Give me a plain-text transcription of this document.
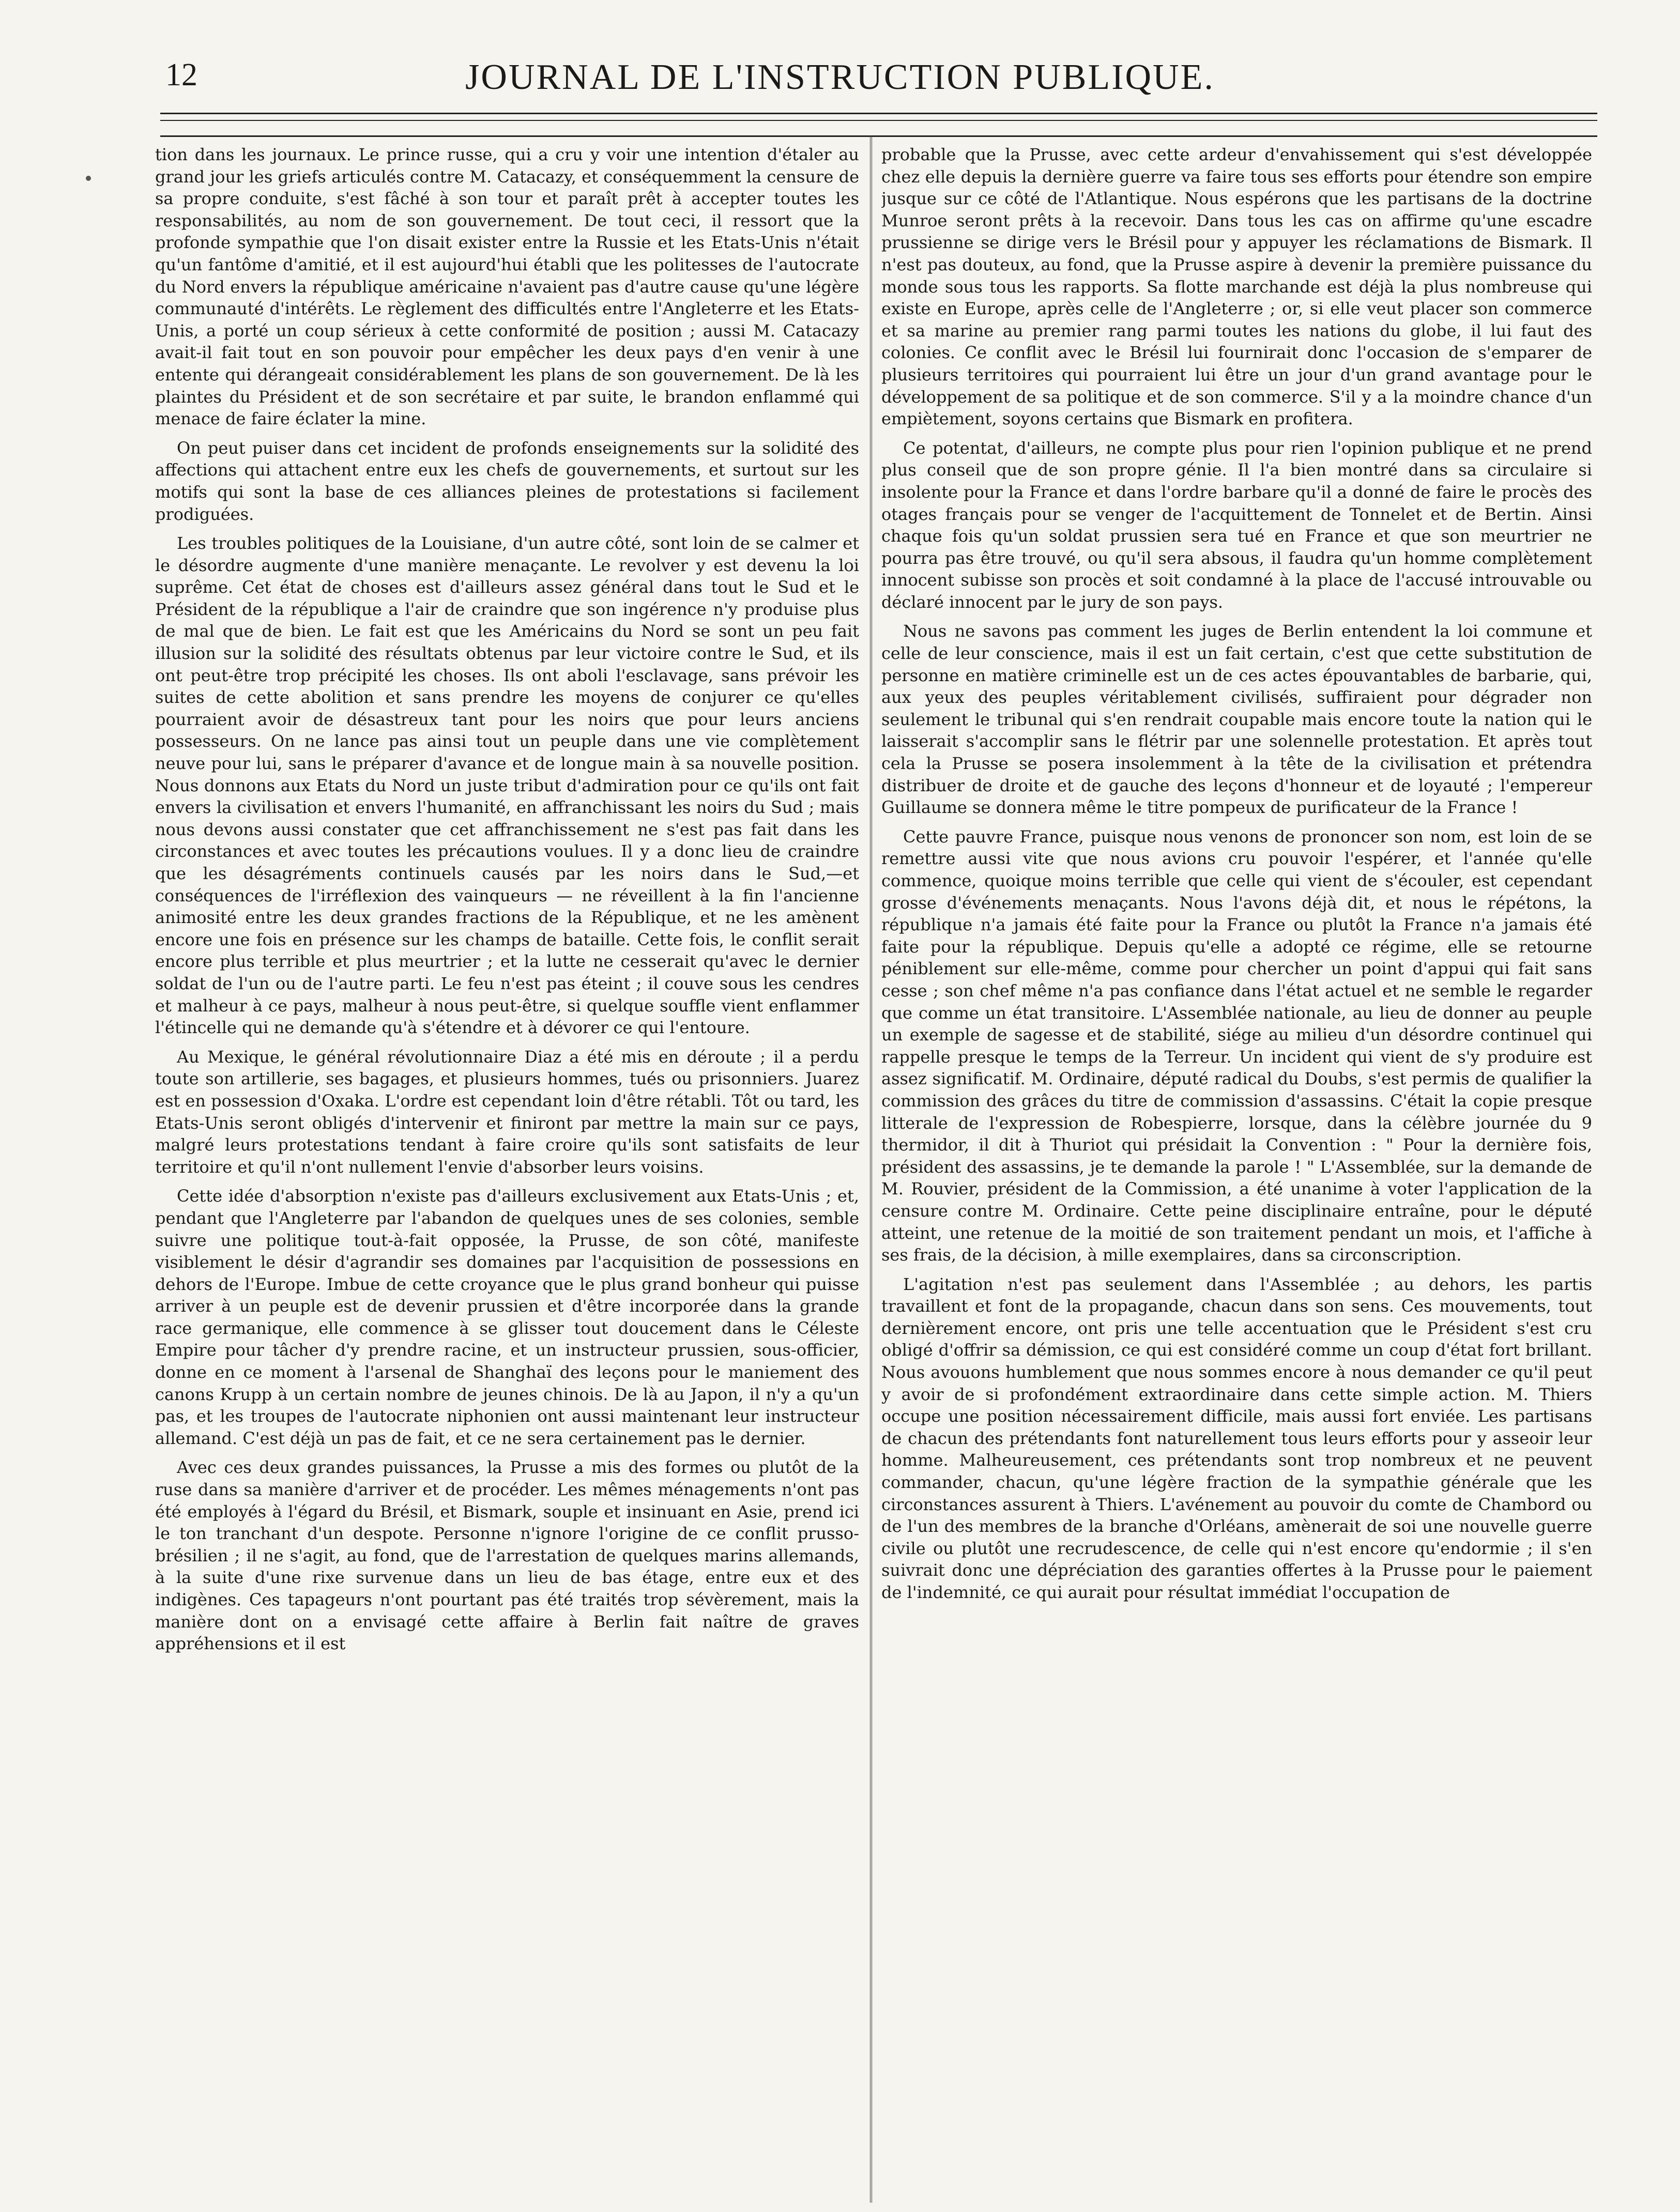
12	JOURNAL DE L'INSTRUCTION PUBLIQUE.

tion dans les journaux. Le prince russe, qui a cru y voir une intention d'étaler au grand jour les griefs articulés contre M. Catacazy, et conséquemment la censure de sa propre conduite, s'est fâché à son tour et paraît prêt à accepter toutes les responsabilités, au nom de son gouvernement. De tout ceci, il ressort que la profonde sympathie que l'on disait exister entre la Russie et les Etats-Unis n'était qu'un fantôme d'amitié, et il est aujourd'hui établi que les politesses de l'autocrate du Nord envers la république américaine n'avaient pas d'autre cause qu'une légère communauté d'intérêts. Le règlement des difficultés entre l'Angleterre et les Etats-Unis, a porté un coup sérieux à cette conformité de position ; aussi M. Catacazy avait-il fait tout en son pouvoir pour empêcher les deux pays d'en venir à une entente qui dérangeait considérablement les plans de son gouvernement. De là les plaintes du Président et de son secrétaire et par suite, le brandon enflammé qui menace de faire éclater la mine.

On peut puiser dans cet incident de profonds enseignements sur la solidité des affections qui attachent entre eux les chefs de gouvernements, et surtout sur les motifs qui sont la base de ces alliances pleines de protestations si facilement prodiguées.

Les troubles politiques de la Louisiane, d'un autre côté, sont loin de se calmer et le désordre augmente d'une manière menaçante. Le revolver y est devenu la loi suprême. Cet état de choses est d'ailleurs assez général dans tout le Sud et le Président de la république a l'air de craindre que son ingérence n'y produise plus de mal que de bien. Le fait est que les Américains du Nord se sont un peu fait illusion sur la solidité des résultats obtenus par leur victoire contre le Sud, et ils ont peut-être trop précipité les choses. Ils ont aboli l'esclavage, sans prévoir les suites de cette abolition et sans prendre les moyens de conjurer ce qu'elles pourraient avoir de désastreux tant pour les noirs que pour leurs anciens possesseurs. On ne lance pas ainsi tout un peuple dans une vie complètement neuve pour lui, sans le préparer d'avance et de longue main à sa nouvelle position. Nous donnons aux Etats du Nord un juste tribut d'admiration pour ce qu'ils ont fait envers la civilisation et envers l'humanité, en affranchissant les noirs du Sud ; mais nous devons aussi constater que cet affranchissement ne s'est pas fait dans les circonstances et avec toutes les précautions voulues. Il y a donc lieu de craindre que les désagréments continuels causés par les noirs dans le Sud,—et conséquences de l'irréflexion des vainqueurs — ne réveillent à la fin l'ancienne animosité entre les deux grandes fractions de la République, et ne les amènent encore une fois en présence sur les champs de bataille. Cette fois, le conflit serait encore plus terrible et plus meurtrier ; et la lutte ne cesserait qu'avec le dernier soldat de l'un ou de l'autre parti. Le feu n'est pas éteint ; il couve sous les cendres et malheur à ce pays, malheur à nous peut-être, si quelque souffle vient enflammer l'étincelle qui ne demande qu'à s'étendre et à dévorer ce qui l'entoure.

Au Mexique, le général révolutionnaire Diaz a été mis en déroute ; il a perdu toute son artillerie, ses bagages, et plusieurs hommes, tués ou prisonniers. Juarez est en possession d'Oxaka. L'ordre est cependant loin d'être rétabli. Tôt ou tard, les Etats-Unis seront obligés d'intervenir et finiront par mettre la main sur ce pays, malgré leurs protestations tendant à faire croire qu'ils sont satisfaits de leur territoire et qu'il n'ont nullement l'envie d'absorber leurs voisins.

Cette idée d'absorption n'existe pas d'ailleurs exclusivement aux Etats-Unis ; et, pendant que l'Angleterre par l'abandon de quelques unes de ses colonies, semble suivre une politique tout-à-fait opposée, la Prusse, de son côté, manifeste visiblement le désir d'agrandir ses domaines par l'acquisition de possessions en dehors de l'Europe. Imbue de cette croyance que le plus grand bonheur qui puisse arriver à un peuple est de devenir prussien et d'être incorporée dans la grande race germanique, elle commence à se glisser tout doucement dans le Céleste Empire pour tâcher d'y prendre racine, et un instructeur prussien, sous-officier, donne en ce moment à l'arsenal de Shanghaï des leçons pour le maniement des canons Krupp à un certain nombre de jeunes chinois. De là au Japon, il n'y a qu'un pas, et les troupes de l'autocrate niphonien ont aussi maintenant leur instructeur allemand. C'est déjà un pas de fait, et ce ne sera certainement pas le dernier.

Avec ces deux grandes puissances, la Prusse a mis des formes ou plutôt de la ruse dans sa manière d'arriver et de procéder. Les mêmes ménagements n'ont pas été employés à l'égard du Brésil, et Bismark, souple et insinuant en Asie, prend ici le ton tranchant d'un despote. Personne n'ignore l'origine de ce conflit prusso-brésilien ; il ne s'agit, au fond, que de l'arrestation de quelques marins allemands, à la suite d'une rixe survenue dans un lieu de bas étage, entre eux et des indigènes. Ces tapageurs n'ont pourtant pas été traités trop sévèrement, mais la manière dont on a envisagé cette affaire à Berlin fait naître de graves appréhensions et il est

probable que la Prusse, avec cette ardeur d'envahissement qui s'est développée chez elle depuis la dernière guerre va faire tous ses efforts pour étendre son empire jusque sur ce côté de l'Atlantique. Nous espérons que les partisans de la doctrine Munroe seront prêts à la recevoir. Dans tous les cas on affirme qu'une escadre prussienne se dirige vers le Brésil pour y appuyer les réclamations de Bismark. Il n'est pas douteux, au fond, que la Prusse aspire à devenir la première puissance du monde sous tous les rapports. Sa flotte marchande est déjà la plus nombreuse qui existe en Europe, après celle de l'Angleterre ; or, si elle veut placer son commerce et sa marine au premier rang parmi toutes les nations du globe, il lui faut des colonies. Ce conflit avec le Brésil lui fournirait donc l'occasion de s'emparer de plusieurs territoires qui pourraient lui être un jour d'un grand avantage pour le développement de sa politique et de son commerce. S'il y a la moindre chance d'un empiètement, soyons certains que Bismark en profitera.

Ce potentat, d'ailleurs, ne compte plus pour rien l'opinion publique et ne prend plus conseil que de son propre génie. Il l'a bien montré dans sa circulaire si insolente pour la France et dans l'ordre barbare qu'il a donné de faire le procès des otages français pour se venger de l'acquittement de Tonnelet et de Bertin. Ainsi chaque fois qu'un soldat prussien sera tué en France et que son meurtrier ne pourra pas être trouvé, ou qu'il sera absous, il faudra qu'un homme complètement innocent subisse son procès et soit condamné à la place de l'accusé introuvable ou déclaré innocent par le jury de son pays.

Nous ne savons pas comment les juges de Berlin entendent la loi commune et celle de leur conscience, mais il est un fait certain, c'est que cette substitution de personne en matière criminelle est un de ces actes épouvantables de barbarie, qui, aux yeux des peuples véritablement civilisés, suffiraient pour dégrader non seulement le tribunal qui s'en rendrait coupable mais encore toute la nation qui le laisserait s'accomplir sans le flétrir par une solennelle protestation. Et après tout cela la Prusse se posera insolemment à la tête de la civilisation et prétendra distribuer de droite et de gauche des leçons d'honneur et de loyauté ; l'empereur Guillaume se donnera même le titre pompeux de purificateur de la France !

Cette pauvre France, puisque nous venons de prononcer son nom, est loin de se remettre aussi vite que nous avions cru pouvoir l'espérer, et l'année qu'elle commence, quoique moins terrible que celle qui vient de s'écouler, est cependant grosse d'événements menaçants. Nous l'avons déjà dit, et nous le répétons, la république n'a jamais été faite pour la France ou plutôt la France n'a jamais été faite pour la république. Depuis qu'elle a adopté ce régime, elle se retourne péniblement sur elle-même, comme pour chercher un point d'appui qui fait sans cesse ; son chef même n'a pas confiance dans l'état actuel et ne semble le regarder que comme un état transitoire. L'Assemblée nationale, au lieu de donner au peuple un exemple de sagesse et de stabilité, siége au milieu d'un désordre continuel qui rappelle presque le temps de la Terreur. Un incident qui vient de s'y produire est assez significatif. M. Ordinaire, député radical du Doubs, s'est permis de qualifier la commission des grâces du titre de commission d'assassins. C'était la copie presque litterale de l'expression de Robespierre, lorsque, dans la célèbre journée du 9 thermidor, il dit à Thuriot qui présidait la Convention : " Pour la dernière fois, président des assassins, je te demande la parole ! " L'Assemblée, sur la demande de M. Rouvier, président de la Commission, a été unanime à voter l'application de la censure contre M. Ordinaire. Cette peine disciplinaire entraîne, pour le député atteint, une retenue de la moitié de son traitement pendant un mois, et l'affiche à ses frais, de la décision, à mille exemplaires, dans sa circonscription.

L'agitation n'est pas seulement dans l'Assemblée ; au dehors, les partis travaillent et font de la propagande, chacun dans son sens. Ces mouvements, tout dernièrement encore, ont pris une telle accentuation que le Président s'est cru obligé d'offrir sa démission, ce qui est considéré comme un coup d'état fort brillant. Nous avouons humblement que nous sommes encore à nous demander ce qu'il peut y avoir de si profondément extraordinaire dans cette simple action. M. Thiers occupe une position nécessairement difficile, mais aussi fort enviée. Les partisans de chacun des prétendants font naturellement tous leurs efforts pour y asseoir leur homme. Malheureusement, ces prétendants sont trop nombreux et ne peuvent commander, chacun, qu'une légère fraction de la sympathie générale que les circonstances assurent à Thiers. L'avénement au pouvoir du comte de Chambord ou de l'un des membres de la branche d'Orléans, amènerait de soi une nouvelle guerre civile ou plutôt une recrudescence, de celle qui n'est encore qu'endormie ; il s'en suivrait donc une dépréciation des garanties offertes à la Prusse pour le paiement de l'indemnité, ce qui aurait pour résultat immédiat l'occupation de
